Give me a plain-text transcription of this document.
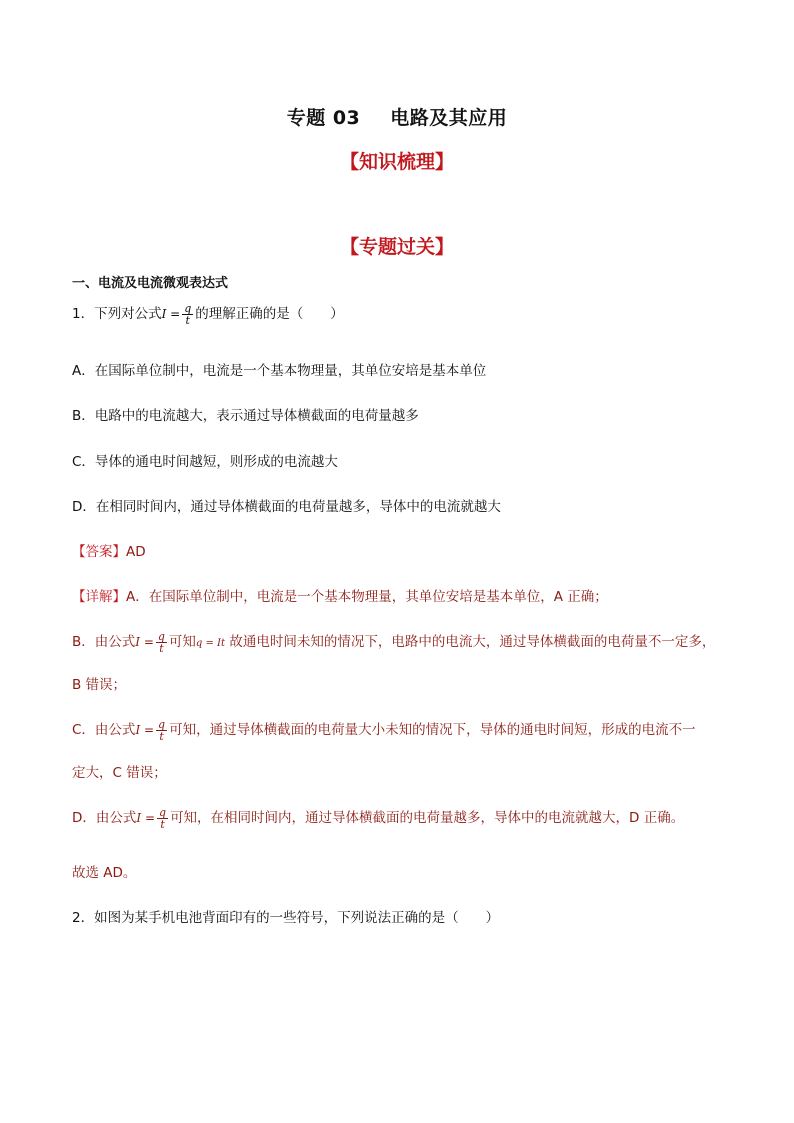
专题 03 电路及其应用
【知识梳理】
【专题过关】
一、电流及电流微观表达式
1．下列对公式$I = \frac{q}{t}$ 的理解正确的是（　　）
A．在国际单位制中，电流是一个基本物理量，其单位安培是基本单位
B．电路中的电流越大，表示通过导体横截面的电荷量越多
C．导体的通电时间越短，则形成的电流越大
D．在相同时间内，通过导体横截面的电荷量越多，导体中的电流就越大
【答案】AD
【详解】A．在国际单位制中，电流是一个基本物理量，其单位安培是基本单位，A 正确；
B．由公式$I = \frac{q}{t}$ 可知q = It 故通电时间未知的情况下，电路中的电流大，通过导体横截面的电荷量不一定多，
B 错误；
C．由公式$I = \frac{q}{t}$ 可知，通过导体横截面的电荷量大小未知的情况下，导体的通电时间短，形成的电流不一
定大，C 错误；
D．由公式$I = \frac{q}{t}$ 可知，在相同时间内，通过导体横截面的电荷量越多，导体中的电流就越大，D 正确。
故选 AD。
2．如图为某手机电池背面印有的一些符号，下列说法正确的是（　　）
